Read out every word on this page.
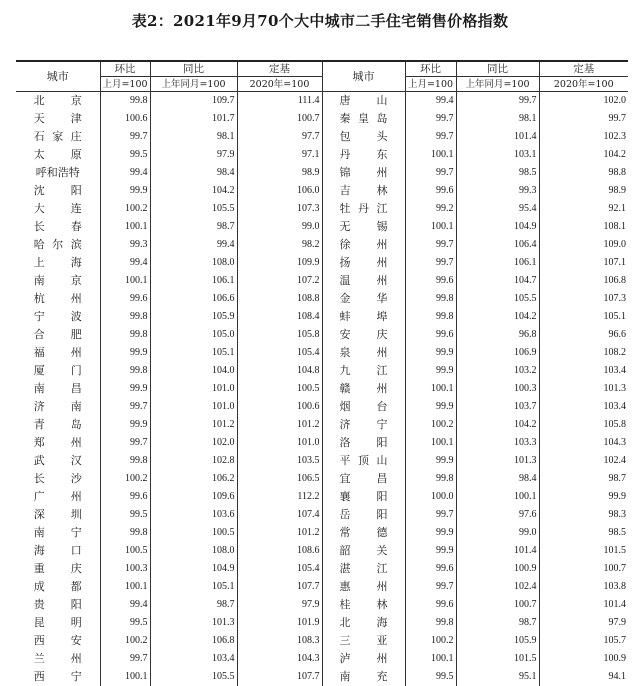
表2：2021年9月70个大中城市二手住宅销售价格指数
城市	环比	同比	定基	城市	环比	同比	定基
	上月=100	上年同月=100	2020年=100		上月=100	上年同月=100	2020年=100
北京	99.8	109.7	111.4	唐山	99.4	99.7	102.0
天津	100.6	101.7	100.7	秦皇岛	99.7	98.1	99.7
石家庄	99.7	98.1	97.7	包头	99.7	101.4	102.3
太原	99.5	97.9	97.1	丹东	100.1	103.1	104.2
呼和浩特	99.4	98.4	98.9	锦州	99.7	98.5	98.8
沈阳	99.9	104.2	106.0	吉林	99.6	99.3	98.9
大连	100.2	105.5	107.3	牡丹江	99.2	95.4	92.1
长春	100.1	98.7	99.0	无锡	100.1	104.9	108.1
哈尔滨	99.3	99.4	98.2	徐州	99.7	106.4	109.0
上海	99.4	108.0	109.9	扬州	99.7	106.1	107.1
南京	100.1	106.1	107.2	温州	99.6	104.7	106.8
杭州	99.6	106.6	108.8	金华	99.8	105.5	107.3
宁波	99.8	105.9	108.4	蚌埠	99.8	104.2	105.1
合肥	99.8	105.0	105.8	安庆	99.6	96.8	96.6
福州	99.9	105.1	105.4	泉州	99.9	106.9	108.2
厦门	99.8	104.0	104.8	九江	99.9	103.2	103.4
南昌	99.9	101.0	100.5	赣州	100.1	100.3	101.3
济南	99.7	101.0	100.6	烟台	99.9	103.7	103.4
青岛	99.9	101.2	101.2	济宁	100.2	104.2	105.8
郑州	99.7	102.0	101.0	洛阳	100.1	103.3	104.3
武汉	99.8	102.8	103.5	平顶山	99.9	101.3	102.4
长沙	100.2	106.2	106.5	宜昌	99.8	98.4	98.7
广州	99.6	109.6	112.2	襄阳	100.0	100.1	99.9
深圳	99.5	103.6	107.4	岳阳	99.7	97.6	98.3
南宁	99.8	100.5	101.2	常德	99.9	99.0	98.5
海口	100.5	108.0	108.6	韶关	99.9	101.4	101.5
重庆	100.3	104.9	105.4	湛江	99.6	100.9	100.7
成都	100.1	105.1	107.7	惠州	99.7	102.4	103.8
贵阳	99.4	98.7	97.9	桂林	99.6	100.7	101.4
昆明	99.5	101.3	101.9	北海	99.8	98.7	97.9
西安	100.2	106.8	108.3	三亚	100.2	105.9	105.7
兰州	99.7	103.4	104.3	泸州	100.1	101.5	100.9
西宁	100.1	105.5	107.7	南充	99.5	95.1	94.1
